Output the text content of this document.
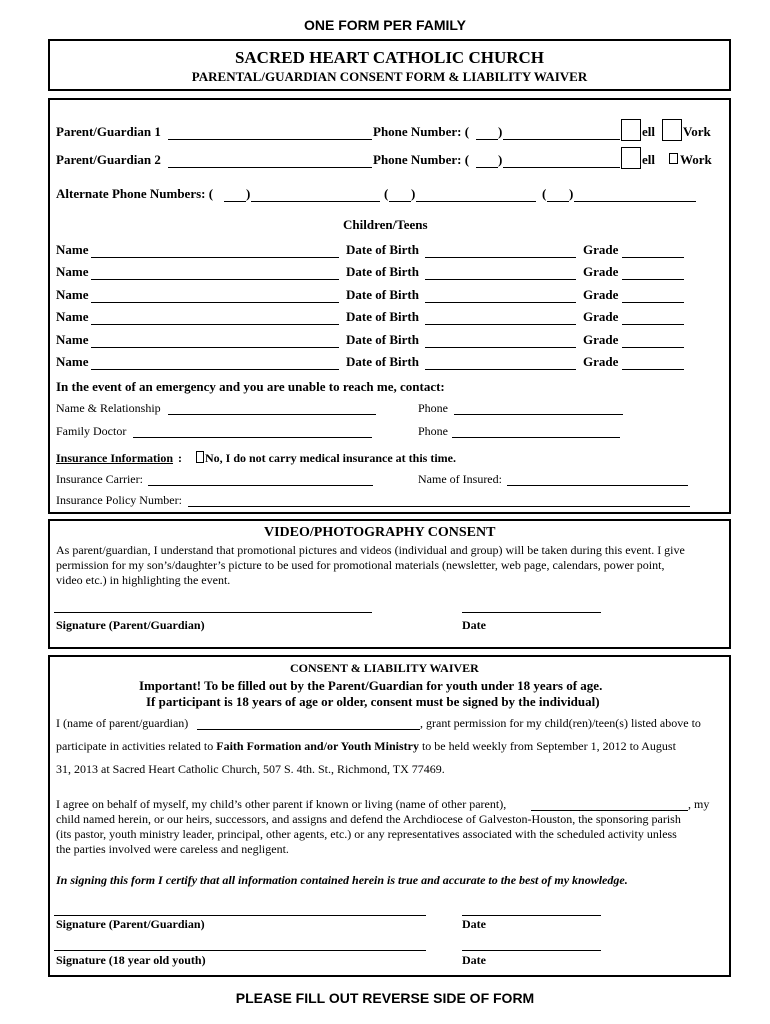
ONE FORM PER FAMILY
SACRED HEART CATHOLIC CHURCH
PARENTAL/GUARDIAN CONSENT FORM & LIABILITY WAIVER
Parent/Guardian 1	Phone Number: ( )	ell Vork
Parent/Guardian 2	Phone Number: ( )	ell Work
Alternate Phone Numbers: (	)	( )	( )
Children/Teens
Name	Date of Birth	Grade
Name	Date of Birth	Grade
Name	Date of Birth	Grade
Name	Date of Birth	Grade
Name	Date of Birth	Grade
Name	Date of Birth	Grade
In the event of an emergency and you are unable to reach me, contact:
Name & Relationship	Phone
Family Doctor	Phone
Insurance Information : No, I do not carry medical insurance at this time.
Insurance Carrier:	Name of Insured:
Insurance Policy Number:
VIDEO/PHOTOGRAPHY CONSENT
As parent/guardian, I understand that promotional pictures and videos (individual and group) will be taken during this event. I give
permission for my son’s/daughter’s picture to be used for promotional materials (newsletter, web page, calendars, power point,
video etc.) in highlighting the event.
Signature (Parent/Guardian)	Date
CONSENT & LIABILITY WAIVER
Important! To be filled out by the Parent/Guardian for youth under 18 years of age.
If participant is 18 years of age or older, consent must be signed by the individual)
I (name of parent/guardian)	, grant permission for my child(ren)/teen(s) listed above to
participate in activities related to Faith Formation and/or Youth Ministry to be held weekly from September 1, 2012 to August
31, 2013 at Sacred Heart Catholic Church, 507 S. 4th. St., Richmond, TX 77469.
I agree on behalf of myself, my child’s other parent if known or living (name of other parent),	, my
child named herein, or our heirs, successors, and assigns and defend the Archdiocese of Galveston-Houston, the sponsoring parish
(its pastor, youth ministry leader, principal, other agents, etc.) or any representatives associated with the scheduled activity unless
the parties involved were careless and negligent.
In signing this form I certify that all information contained herein is true and accurate to the best of my knowledge.
Signature (Parent/Guardian)	Date
Signature (18 year old youth)	Date
PLEASE FILL OUT REVERSE SIDE OF FORM
